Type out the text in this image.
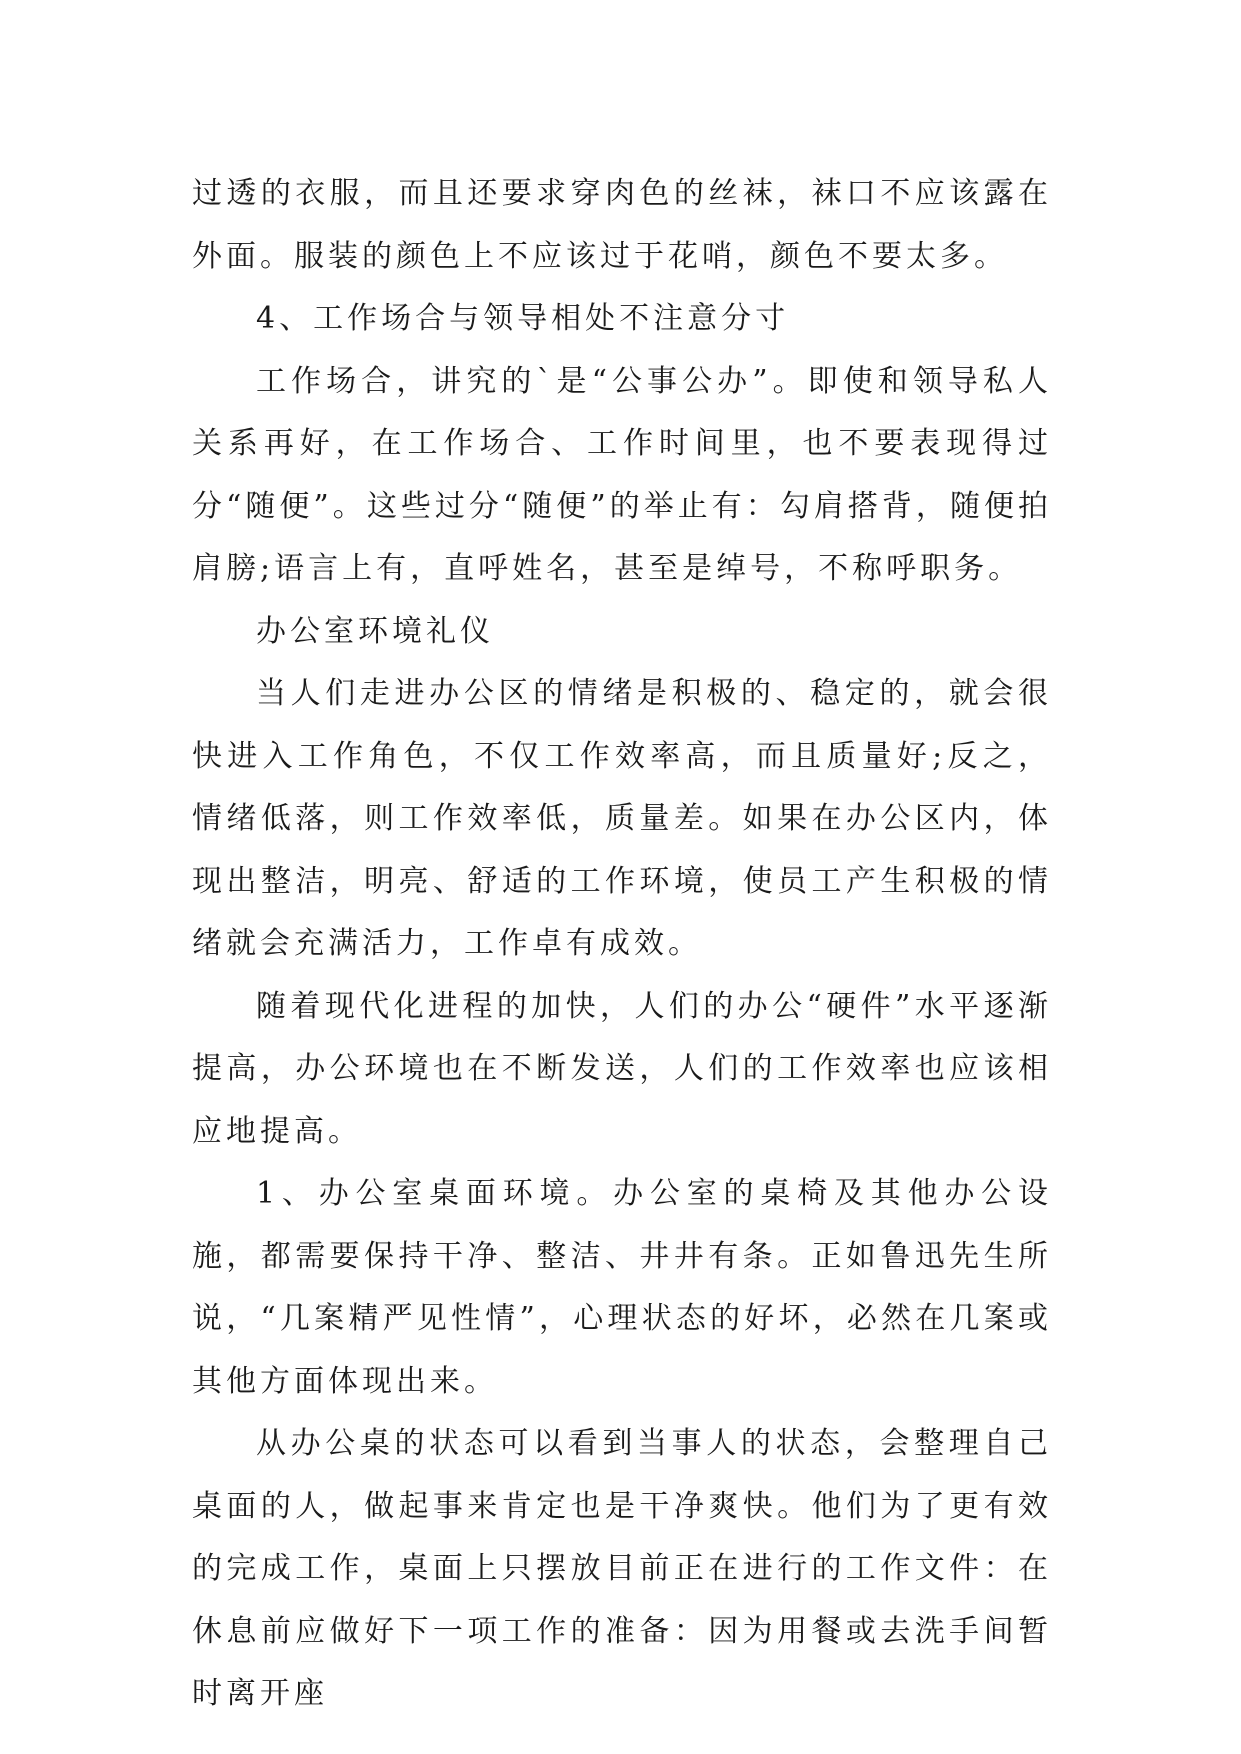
过透的衣服，而且还要求穿肉色的丝袜，袜口不应该露在外面。服装的颜色上不应该过于花哨，颜色不要太多。

4、工作场合与领导相处不注意分寸

工作场合，讲究的`是“公事公办”。即使和领导私人关系再好，在工作场合、工作时间里，也不要表现得过分“随便”。这些过分“随便”的举止有：勾肩搭背，随便拍肩膀;语言上有，直呼姓名，甚至是绰号，不称呼职务。

办公室环境礼仪

当人们走进办公区的情绪是积极的、稳定的，就会很快进入工作角色，不仅工作效率高，而且质量好;反之，情绪低落，则工作效率低，质量差。如果在办公区内，体现出整洁，明亮、舒适的工作环境，使员工产生积极的情绪就会充满活力，工作卓有成效。

随着现代化进程的加快，人们的办公“硬件”水平逐渐提高，办公环境也在不断发送，人们的工作效率也应该相应地提高。

1、办公室桌面环境。办公室的桌椅及其他办公设施，都需要保持干净、整洁、井井有条。正如鲁迅先生所说，“几案精严见性情”，心理状态的好坏，必然在几案或其他方面体现出来。

从办公桌的状态可以看到当事人的状态，会整理自己桌面的人，做起事来肯定也是干净爽快。他们为了更有效的完成工作，桌面上只摆放目前正在进行的工作文件：在休息前应做好下一项工作的准备：因为用餐或去洗手间暂时离开座
